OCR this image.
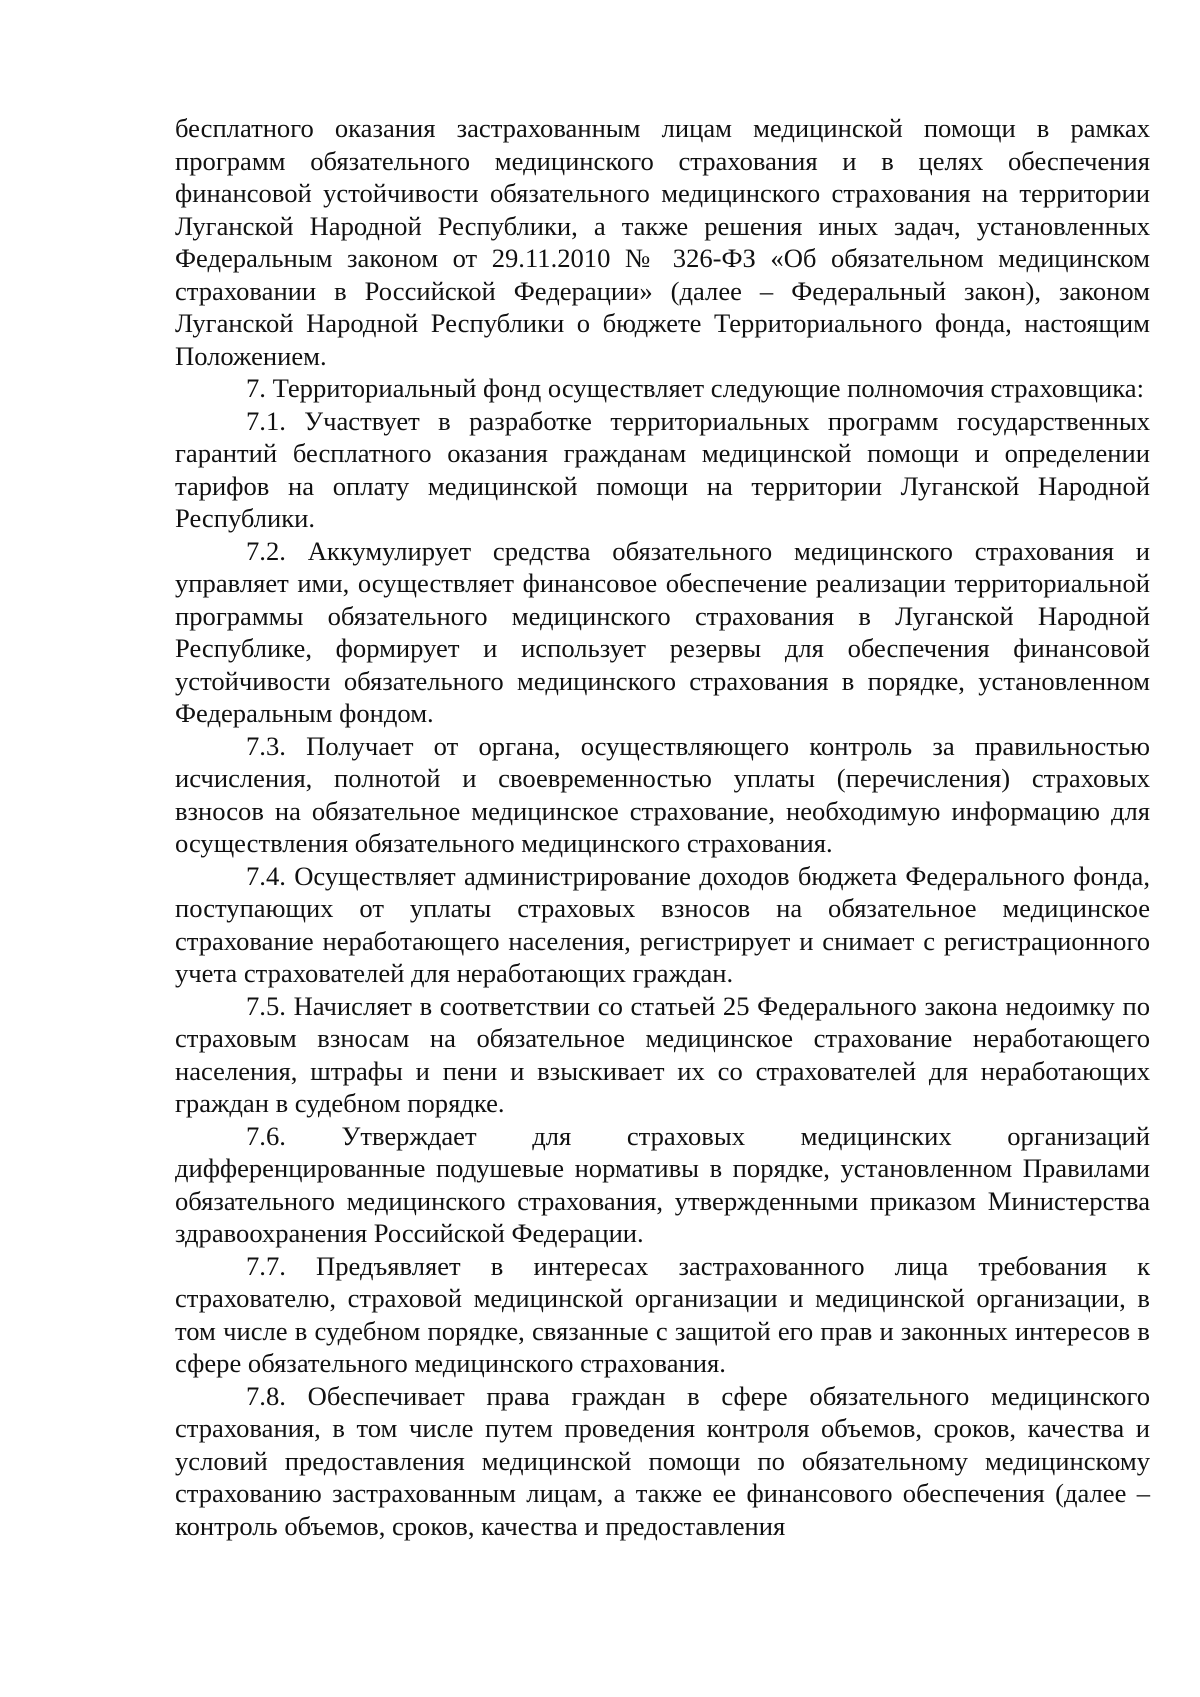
бесплатного оказания застрахованным лицам медицинской помощи в рамках программ обязательного медицинского страхования и в целях обеспечения финансовой устойчивости обязательного медицинского страхования на территории Луганской Народной Республики, а также решения иных задач, установленных Федеральным законом от 29.11.2010 № 326-ФЗ «Об обязательном медицинском страховании в Российской Федерации» (далее – Федеральный закон), законом Луганской Народной Республики о бюджете Территориального фонда, настоящим Положением.

7. Территориальный фонд осуществляет следующие полномочия страховщика:

7.1. Участвует в разработке территориальных программ государственных гарантий бесплатного оказания гражданам медицинской помощи и определении тарифов на оплату медицинской помощи на территории Луганской Народной Республики.

7.2. Аккумулирует средства обязательного медицинского страхования и управляет ими, осуществляет финансовое обеспечение реализации территориальной программы обязательного медицинского страхования в Луганской Народной Республике, формирует и использует резервы для обеспечения финансовой устойчивости обязательного медицинского страхования в порядке, установленном Федеральным фондом.

7.3. Получает от органа, осуществляющего контроль за правильностью исчисления, полнотой и своевременностью уплаты (перечисления) страховых взносов на обязательное медицинское страхование, необходимую информацию для осуществления обязательного медицинского страхования.

7.4. Осуществляет администрирование доходов бюджета Федерального фонда, поступающих от уплаты страховых взносов на обязательное медицинское страхование неработающего населения, регистрирует и снимает с регистрационного учета страхователей для неработающих граждан.

7.5. Начисляет в соответствии со статьей 25 Федерального закона недоимку по страховым взносам на обязательное медицинское страхование неработающего населения, штрафы и пени и взыскивает их со страхователей для неработающих граждан в судебном порядке.

7.6. Утверждает для страховых медицинских организаций дифференцированные подушевые нормативы в порядке, установленном Правилами обязательного медицинского страхования, утвержденными приказом Министерства здравоохранения Российской Федерации.

7.7. Предъявляет в интересах застрахованного лица требования к страхователю, страховой медицинской организации и медицинской организации, в том числе в судебном порядке, связанные с защитой его прав и законных интересов в сфере обязательного медицинского страхования.

7.8. Обеспечивает права граждан в сфере обязательного медицинского страхования, в том числе путем проведения контроля объемов, сроков, качества и условий предоставления медицинской помощи по обязательному медицинскому страхованию застрахованным лицам, а также ее финансового обеспечения (далее – контроль объемов, сроков, качества и предоставления
